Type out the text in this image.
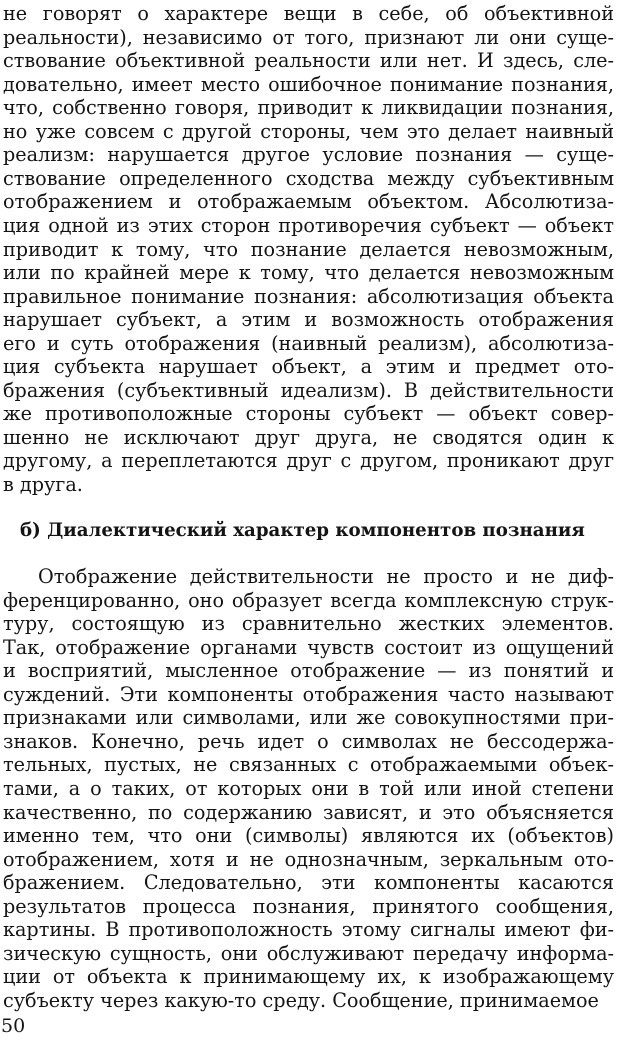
не говорят о характере вещи в себе, об объективной
реальности), независимо от того, признают ли они суще-
ствование объективной реальности или нет. И здесь, сле-
довательно, имеет место ошибочное понимание познания,
что, собственно говоря, приводит к ликвидации познания,
но уже совсем с другой стороны, чем это делает наивный
реализм: нарушается другое условие познания — суще-
ствование определенного сходства между субъективным
отображением и отображаемым объектом. Абсолютиза-
ция одной из этих сторон противоречия субъект — объект
приводит к тому, что познание делается невозможным,
или по крайней мере к тому, что делается невозможным
правильное понимание познания: абсолютизация объекта
нарушает субъект, а этим и возможность отображения
его и суть отображения (наивный реализм), абсолютиза-
ция субъекта нарушает объект, а этим и предмет ото-
бражения (субъективный идеализм). В действительности
же противоположные стороны субъект — объект совер-
шенно не исключают друг друга, не сводятся один к
другому, а переплетаются друг с другом, проникают друг
в друга.
б) Диалектический характер компонентов познания
Отображение действительности не просто и не диф-
ференцированно, оно образует всегда комплексную струк-
туру, состоящую из сравнительно жестких элементов.
Так, отображение органами чувств состоит из ощущений
и восприятий, мысленное отображение — из понятий и
суждений. Эти компоненты отображения часто называют
признаками или символами, или же совокупностями при-
знаков. Конечно, речь идет о символах не бессодержа-
тельных, пустых, не связанных с отображаемыми объек-
тами, а о таких, от которых они в той или иной степени
качественно, по содержанию зависят, и это объясняется
именно тем, что они (символы) являются их (объектов)
отображением, хотя и не однозначным, зеркальным ото-
бражением. Следовательно, эти компоненты касаются
результатов процесса познания, принятого сообщения,
картины. В противоположность этому сигналы имеют фи-
зическую сущность, они обслуживают передачу информа-
ции от объекта к принимающему их, к изображающему
субъекту через какую-то среду. Сообщение, принимаемое
50
